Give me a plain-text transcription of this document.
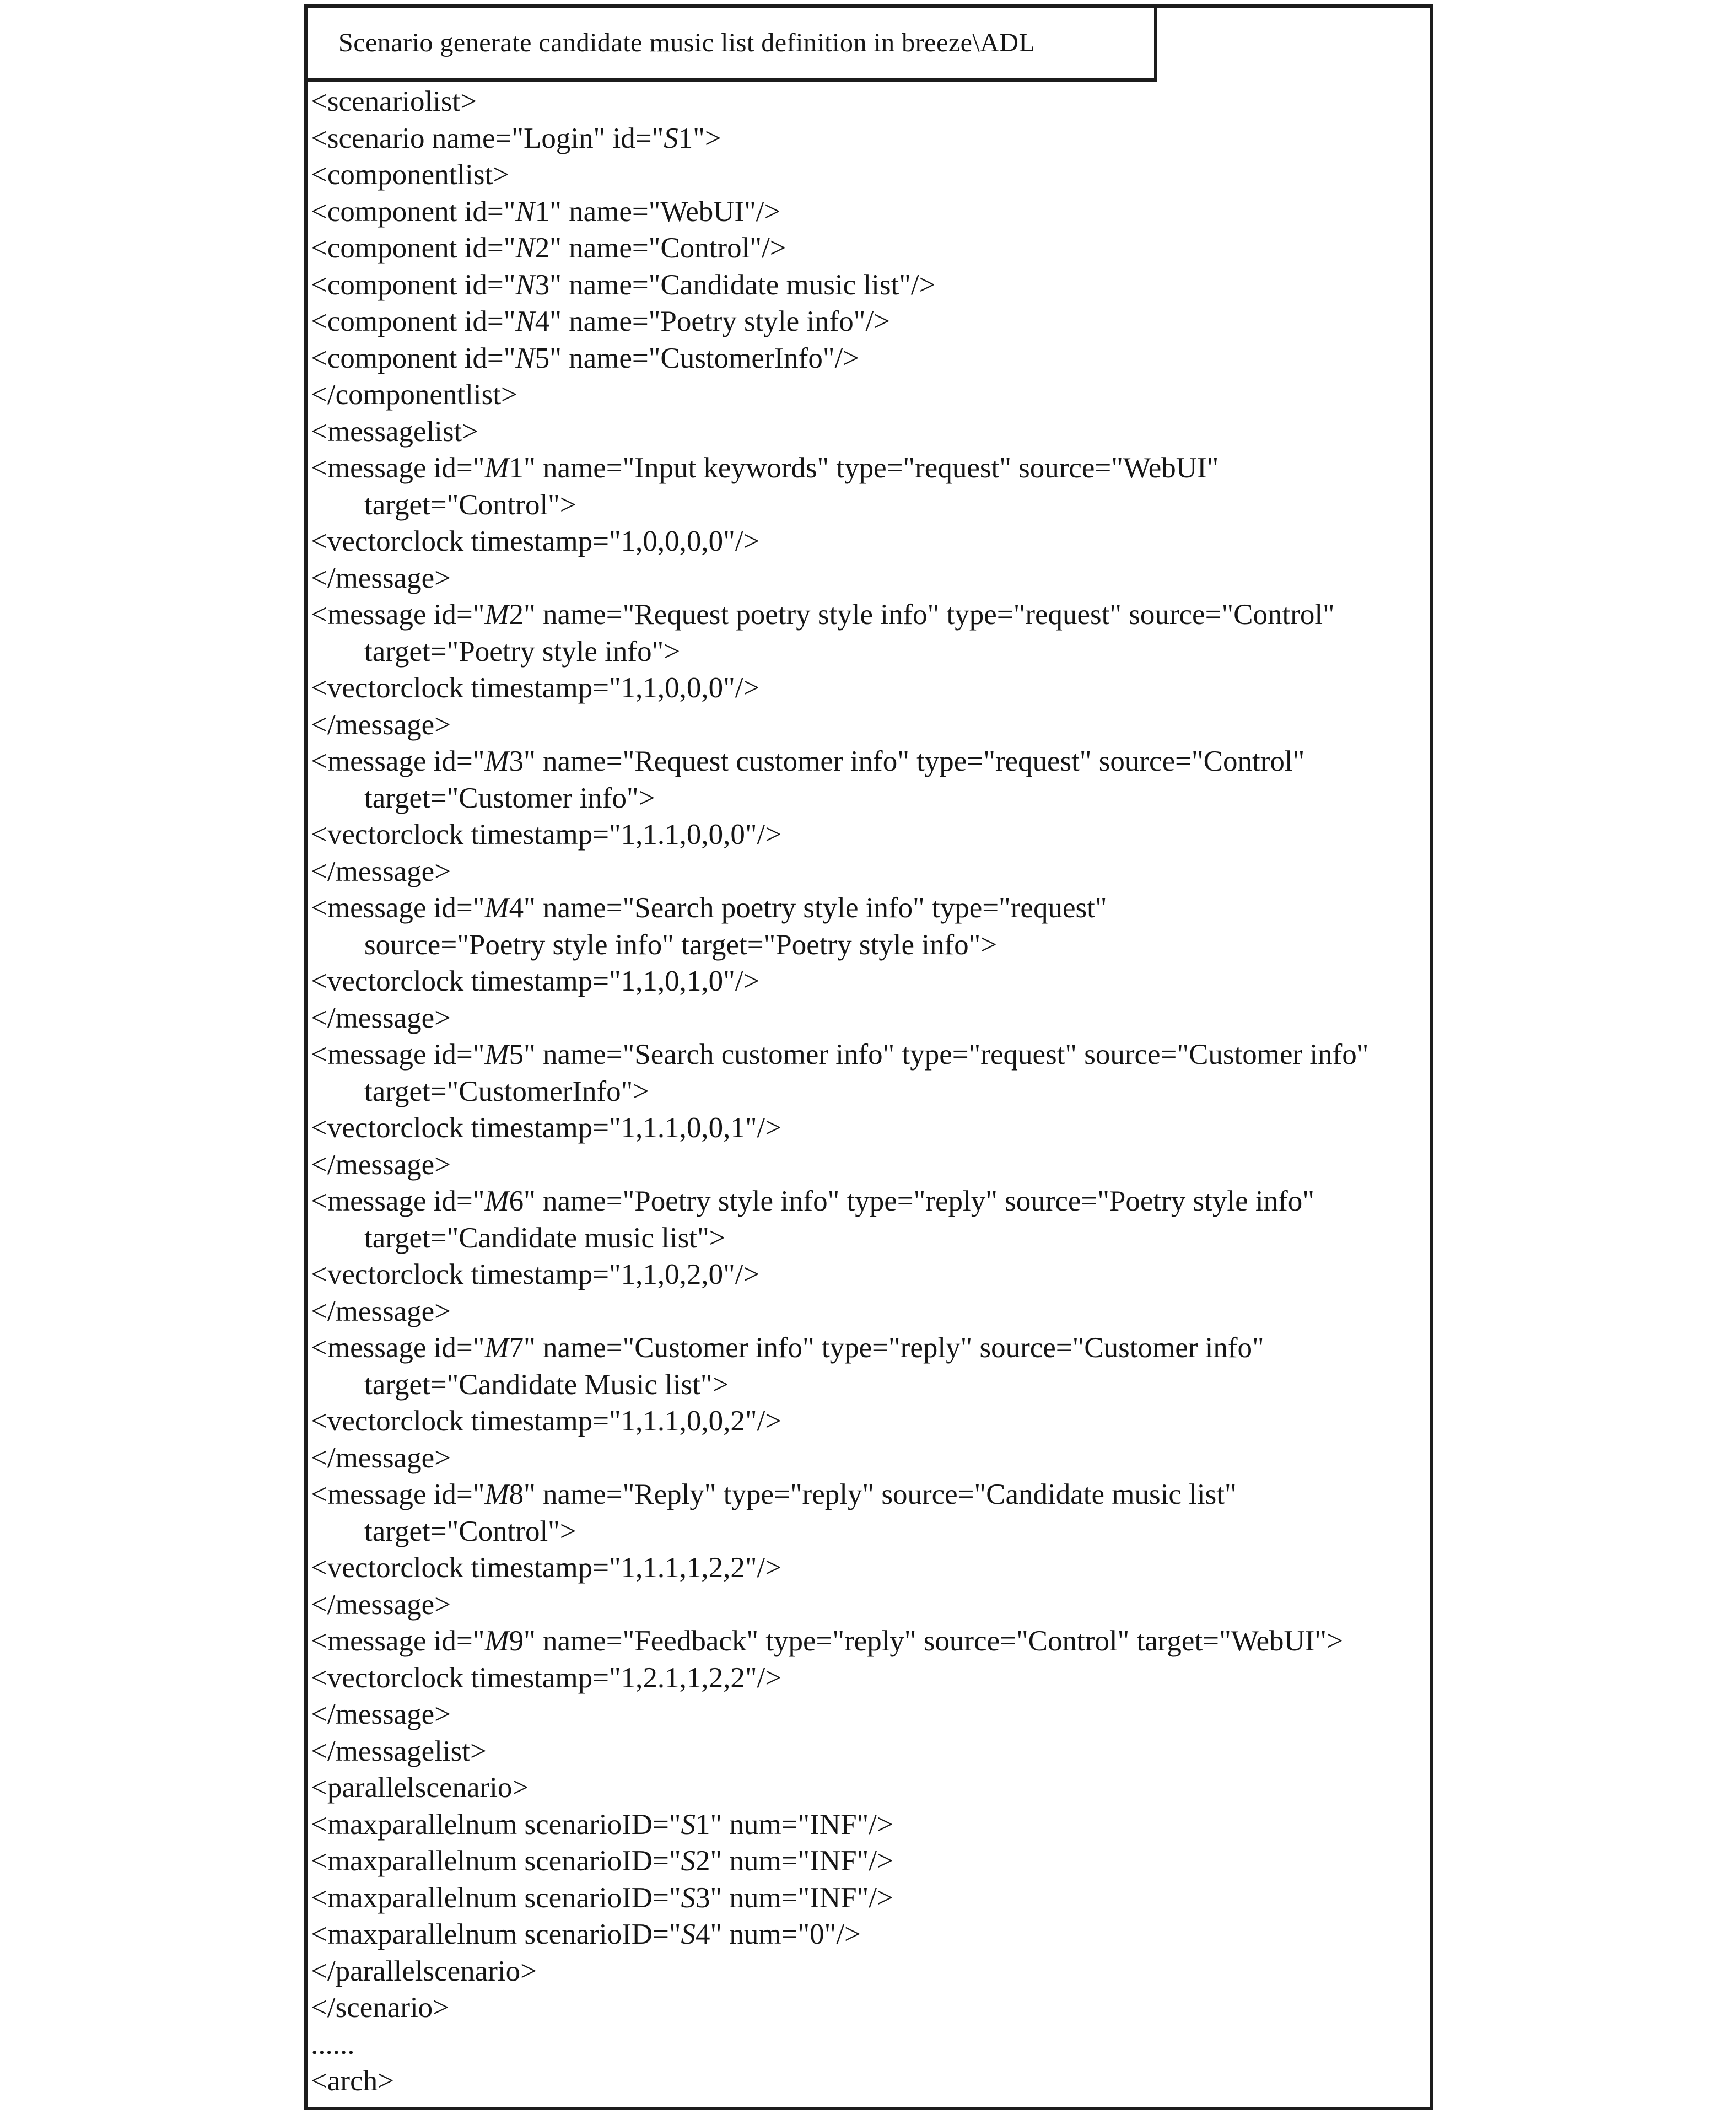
Scenario generate candidate music list definition in breeze\ADL
<scenariolist>
<scenario name="Login" id="S1">
<componentlist>
<component id="N1" name="WebUI"/>
<component id="N2" name="Control"/>
<component id="N3" name="Candidate music list"/>
<component id="N4" name="Poetry style info"/>
<component id="N5" name="CustomerInfo"/>
</componentlist>
<messagelist>
<message id="M1" name="Input keywords" type="request" source="WebUI"
target="Control">
<vectorclock timestamp="1,0,0,0,0"/>
</message>
<message id="M2" name="Request poetry style info" type="request" source="Control"
target="Poetry style info">
<vectorclock timestamp="1,1,0,0,0"/>
</message>
<message id="M3" name="Request customer info" type="request" source="Control"
target="Customer info">
<vectorclock timestamp="1,1.1,0,0,0"/>
</message>
<message id="M4" name="Search poetry style info" type="request"
source="Poetry style info" target="Poetry style info">
<vectorclock timestamp="1,1,0,1,0"/>
</message>
<message id="M5" name="Search customer info" type="request" source="Customer info"
target="CustomerInfo">
<vectorclock timestamp="1,1.1,0,0,1"/>
</message>
<message id="M6" name="Poetry style info" type="reply" source="Poetry style info"
target="Candidate music list">
<vectorclock timestamp="1,1,0,2,0"/>
</message>
<message id="M7" name="Customer info" type="reply" source="Customer info"
target="Candidate Music list">
<vectorclock timestamp="1,1.1,0,0,2"/>
</message>
<message id="M8" name="Reply" type="reply" source="Candidate music list"
target="Control">
<vectorclock timestamp="1,1.1,1,2,2"/>
</message>
<message id="M9" name="Feedback" type="reply" source="Control" target="WebUI">
<vectorclock timestamp="1,2.1,1,2,2"/>
</message>
</messagelist>
<parallelscenario>
<maxparallelnum scenarioID="S1" num="INF"/>
<maxparallelnum scenarioID="S2" num="INF"/>
<maxparallelnum scenarioID="S3" num="INF"/>
<maxparallelnum scenarioID="S4" num="0"/>
</parallelscenario>
</scenario>
......
<arch>
